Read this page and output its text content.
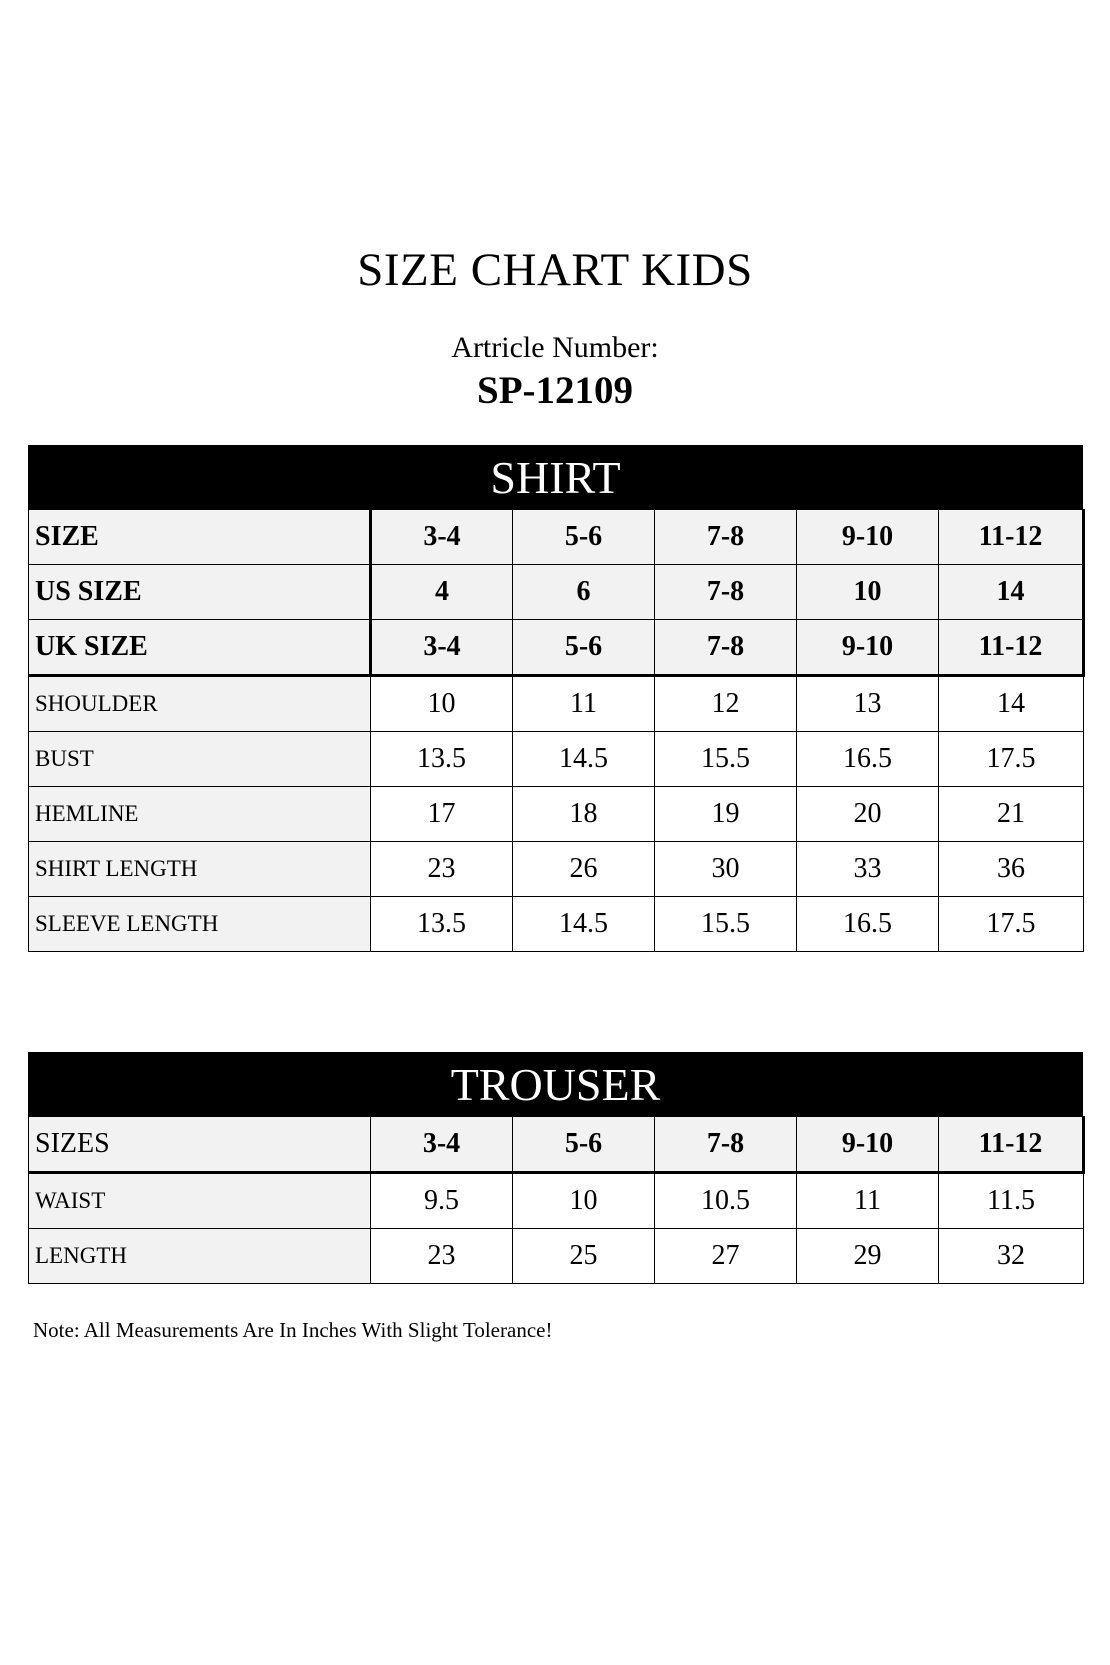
SIZE CHART KIDS
Artricle Number:
SP-12109
SHIRT
SIZE	3-4	5-6	7-8	9-10	11-12
US SIZE	4	6	7-8	10	14
UK SIZE	3-4	5-6	7-8	9-10	11-12
SHOULDER	10	11	12	13	14
BUST	13.5	14.5	15.5	16.5	17.5
HEMLINE	17	18	19	20	21
SHIRT LENGTH	23	26	30	33	36
SLEEVE LENGTH	13.5	14.5	15.5	16.5	17.5
TROUSER
SIZES	3-4	5-6	7-8	9-10	11-12
WAIST	9.5	10	10.5	11	11.5
LENGTH	23	25	27	29	32
Note: All Measurements Are In Inches With Slight Tolerance!
